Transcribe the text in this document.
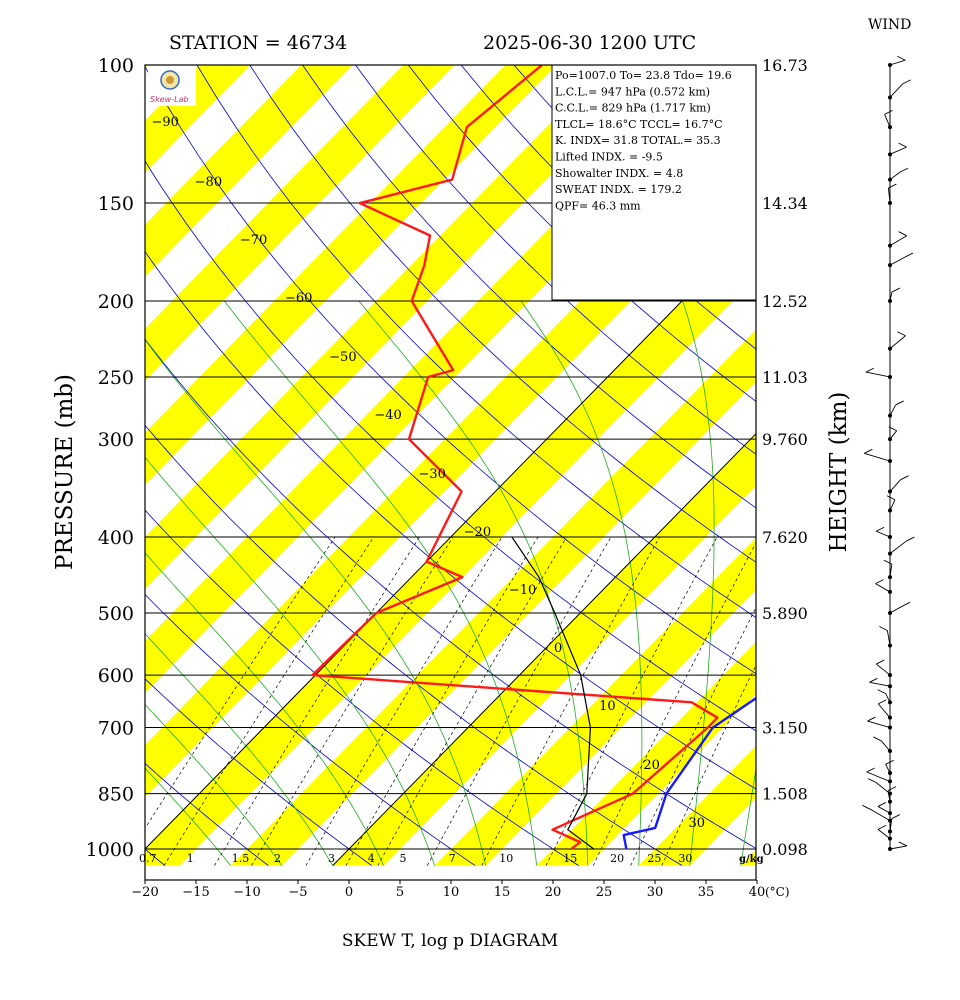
STATION = 46734	2025-06-30 1200 UTC
WIND
SKEW T, log p DIAGRAM
PRESSURE (mb)	HEIGHT (km)
(°C)
100
150
200
250
300
400
500
600
700
850
1000
16.73
14.34
12.52
11.03
9.760
7.620
5.890
3.150
1.508
0.098
−20 −15 −10 −5	0	5	10	15	20	25	30	35	40
−90
−80
−70
−60
−50
−40
−30
−20
−10
0
10
20
30
0.7	1	1.5 2	3	4 5	7	10	15	20 25 30	g/kg
Po=1007.0 To= 23.8 Tdo= 19.6
L.C.L.= 947 hPa (0.572 km)
C.C.L.= 829 hPa (1.717 km)
TLCL= 18.6°C TCCL= 16.7°C
K. INDX= 31.8 TOTAL.= 35.3
Lifted INDX. = -9.5
Showalter INDX. = 4.8
SWEAT INDX. = 179.2
QPF= 46.3 mm
Skew-Lab
